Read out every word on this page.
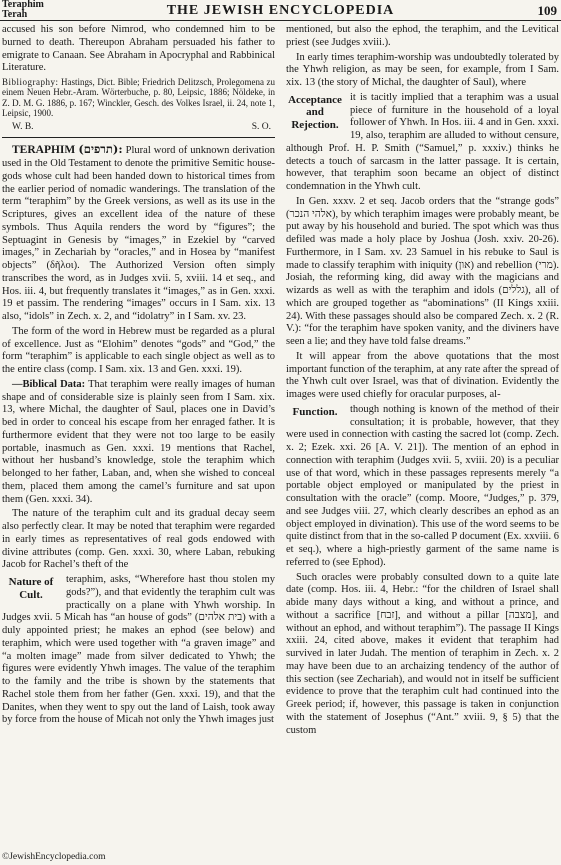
Teraphim
Terah	THE JEWISH ENCYCLOPEDIA	109

accused his son before Nimrod, who condemned him to be burned to death. Thereupon Abraham persuaded his father to emigrate to Canaan. See Abraham in Apocryphal and Rabbinical Literature.

Bibliography: Hastings, Dict. Bible; Friedrich Delitzsch, Prolegomena zu einem Neuen Hebr.-Aram. Wörterbuche, p. 80, Leipsic, 1886; Nöldeke, in Z. D. M. G. 1886, p. 167; Winckler, Gesch. des Volkes Israel, ii. 24, note 1, Leipsic, 1900.

W. B.	S. O.

TERAPHIM (תרפים): Plural word of unknown derivation used in the Old Testament to denote the primitive Semitic house-gods whose cult had been handed down to historical times from the earlier period of nomadic wanderings. The translation of the term “teraphim” by the Greek versions, as well as its use in the Scriptures, gives an excellent idea of the nature of these symbols. Thus Aquila renders the word by “figures”; the Septuagint in Genesis by “images,” in Ezekiel by “carved images,” in Zechariah by “oracles,” and in Hosea by “manifest objects” (δῆλοι). The Authorized Version often simply transcribes the word, as in Judges xvii. 5, xviii. 14 et seq., and Hos. iii. 4, but frequently translates it “images,” as in Gen. xxxi. 19 et passim. The rendering “images” occurs in I Sam. xix. 13 also, “idols” in Zech. x. 2, and “idolatry” in I Sam. xv. 23.

The form of the word in Hebrew must be regarded as a plural of excellence. Just as “Elohim” denotes “gods” and “God,” the form “teraphim” is applicable to each single object as well as to the entire class (comp. I Sam. xix. 13 and Gen. xxxi. 19).

—Biblical Data: That teraphim were really images of human shape and of considerable size is plainly seen from I Sam. xix. 13, where Michal, the daughter of Saul, places one in David’s bed in order to conceal his escape from her enraged father. It is furthermore evident that they were not too large to be easily portable, inasmuch as Gen. xxxi. 19 mentions that Rachel, without her husband’s knowledge, stole the teraphim which belonged to her father, Laban, and, when she wished to conceal them, placed them among the camel’s furniture and sat upon them (Gen. xxxi. 34).

The nature of the teraphim cult and its gradual decay seem also perfectly clear. It may be noted that teraphim were regarded in early times as representatives of real gods endowed with divine attributes (comp. Gen. xxxi. 30, where Laban, rebuking Jacob for Rachel’s theft of the

Nature of Cult.

teraphim, asks, “Wherefore hast thou stolen my gods?”), and that evidently the teraphim cult was practically on a plane with Yhwh worship. In Judges xvii. 5 Micah has “an house of gods” (בית אלהים) with a duly appointed priest; he makes an ephod (see below) and teraphim, which were used together with “a graven image” and “a molten image” made from silver dedicated to Yhwh; the figures were evidently Yhwh images. The value of the teraphim to the family and the tribe is shown by the statements that Rachel stole them from her father (Gen. xxxi. 19), and that the Danites, when they went to spy out the land of Laish, took away by force from the house of Micah not only the Yhwh images just

mentioned, but also the ephod, the teraphim, and the Levitical priest (see Judges xviii.).

In early times teraphim-worship was undoubtedly tolerated by the Yhwh religion, as may be seen, for example, from I Sam. xix. 13 (the story of Michal, the daughter of Saul), where

Acceptance and Rejection.

it is tacitly implied that a teraphim was a usual piece of furniture in the household of a loyal follower of Yhwh. In Hos. iii. 4 and in Gen. xxxi. 19, also, teraphim are alluded to without censure, although Prof. H. P. Smith (“Samuel,” p. xxxiv.) thinks he detects a touch of sarcasm in the latter passage. It is certain, however, that teraphim soon became an object of distinct condemnation in the Yhwh cult.

In Gen. xxxv. 2 et seq. Jacob orders that the “strange gods” (אלהי הנכר), by which teraphim images were probably meant, be put away by his household and buried. The spot which was thus defiled was made a holy place by Joshua (Josh. xxiv. 20-26). Furthermore, in I Sam. xv. 23 Samuel in his rebuke to Saul is made to classify teraphim with iniquity (און) and rebellion (מרי). Josiah, the reforming king, did away with the magicians and wizards as well as with the teraphim and idols (גללים), all of which are grouped together as “abominations” (II Kings xxiii. 24). With these passages should also be compared Zech. x. 2 (R. V.): “for the teraphim have spoken vanity, and the diviners have seen a lie; and they have told false dreams.”

It will appear from the above quotations that the most important function of the teraphim, at any rate after the spread of the Yhwh cult over Israel, was that of divination. Evidently the images were used chiefly for oracular purposes, al-

Function.	though nothing is known of the method of their consultation; it is probable, however, that they were used in connection with casting the sacred lot (comp. Zech. x. 2; Ezek. xxi. 26 [A. V. 21]). The mention of an ephod in connection with teraphim (Judges xvii. 5, xviii. 20) is a peculiar use of that word, which in these passages represents merely “a portable object employed or manipulated by the priest in consultation with the oracle” (comp. Moore, “Judges,” p. 379, and see Judges viii. 27, which clearly describes an ephod as an object employed in divination). This use of the word seems to be quite distinct from that in the so-called P document (Ex. xxviii. 6 et seq.), where a high-priestly garment of the same name is referred to (see Ephod).

Such oracles were probably consulted down to a quite late date (comp. Hos. iii. 4, Hebr.: “for the children of Israel shall abide many days without a king, and without a prince, and without a sacrifice [זבח], and without a pillar [מצבה], and without an ephod, and without teraphim”). The passage II Kings xxiii. 24, cited above, makes it evident that teraphim had survived in later Judah. The mention of teraphim in Zech. x. 2 may have been due to an archaizing tendency of the author of this section (see Zechariah), and would not in itself be sufficient evidence to prove that the teraphim cult had continued into the Greek period; if, however, this passage is taken in conjunction with the statement of Josephus (“Ant.” xviii. 9, § 5) that the custom

©JewishEncyclopedia.com
